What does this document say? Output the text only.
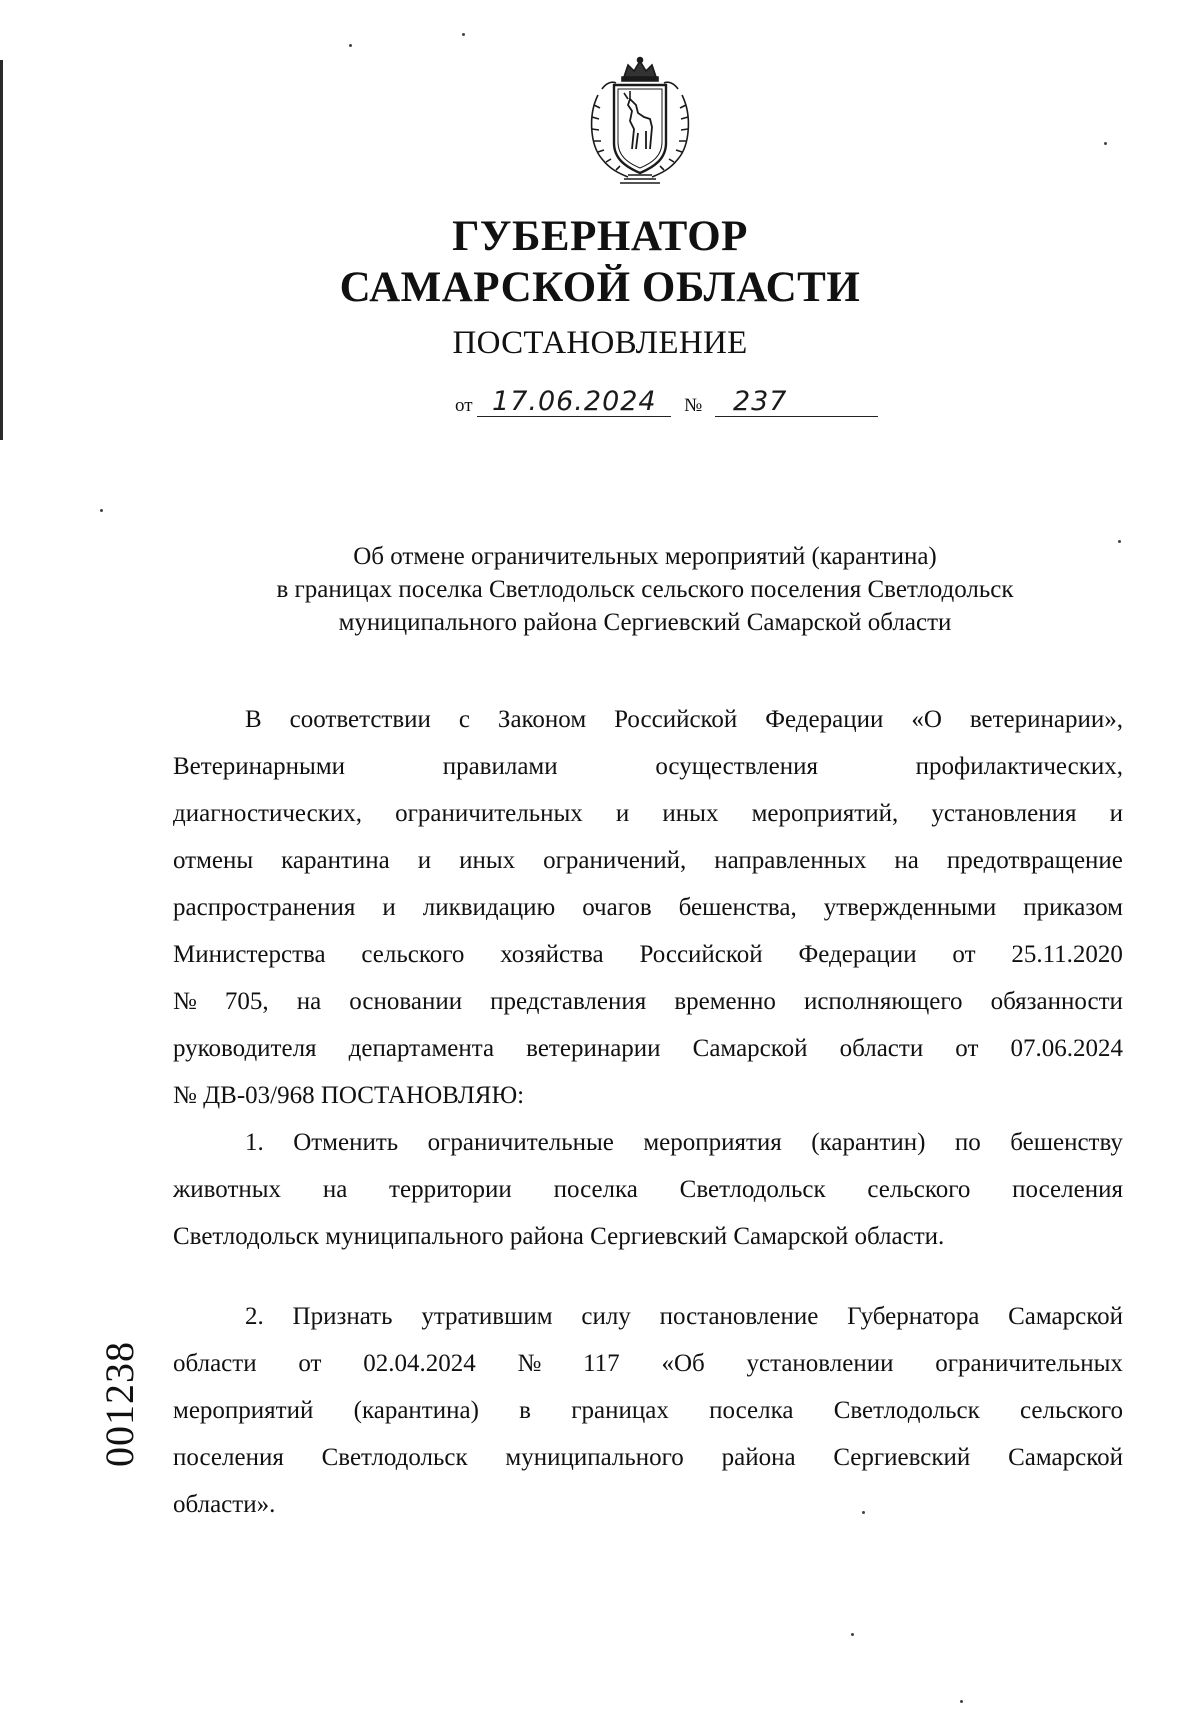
ГУБЕРНАТОР
САМАРСКОЙ ОБЛАСТИ
ПОСТАНОВЛЕНИЕ
от 17.06.2024 № 237
Об отмене ограничительных мероприятий (карантина)
в границах поселка Светлодольск сельского поселения Светлодольск
муниципального района Сергиевский Самарской области
В соответствии с Законом Российской Федерации «О ветеринарии»,
Ветеринарными	правилами	осуществления	профилактических,
диагностических, ограничительных и иных мероприятий, установления и
отмены карантина и иных ограничений, направленных на предотвращение
распространения и ликвидацию очагов бешенства, утвержденными приказом
Министерства сельского хозяйства Российской Федерации от 25.11.2020
№ 705, на основании представления временно исполняющего обязанности
руководителя департамента ветеринарии Самарской области от 07.06.2024
№ ДВ-03/968 ПОСТАНОВЛЯЮ:
1. Отменить ограничительные мероприятия (карантин) по бешенству
животных на территории поселка Светлодольск сельского поселения
Светлодольск муниципального района Сергиевский Самарской области.
2. Признать утратившим силу постановление Губернатора Самарской
области от 02.04.2024 № 117 «Об установлении ограничительных
мероприятий (карантина) в границах поселка Светлодольск сельского
поселения Светлодольск муниципального района Сергиевский Самарской
области».
001238
